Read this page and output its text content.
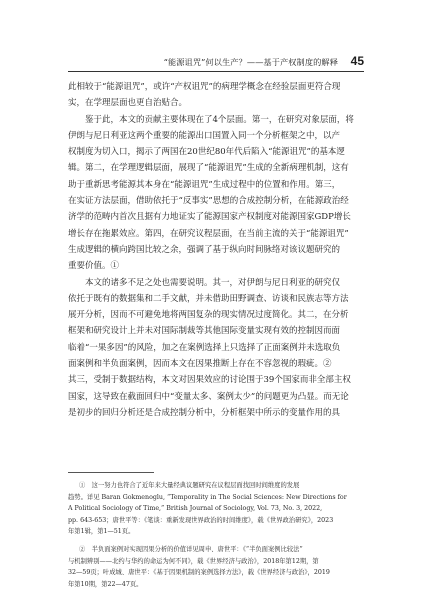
“能源诅咒”何以生产？——基于产权制度的解释 45
此相较于“能源诅咒”，或许“产权诅咒”的病理学概念在经验层面更符合现
实，在学理层面也更自治贴合。
鉴于此，本文的贡献主要体现在了4个层面。第一，在研究对象层面，将
伊朗与尼日利亚这两个重要的能源出口国置入同一个分析框架之中，以产
权制度为切入口，揭示了两国在20世纪80年代后陷入“能源诅咒”的基本逻
辑。第二，在学理逻辑层面，展现了“能源诅咒”生成的全新病理机制，这有
助于重新思考能源其本身在“能源诅咒”生成过程中的位置和作用。第三，
在实证方法层面，借助依托于“反事实”思想的合成控制分析，在能源政治经
济学的范畴内首次且据有力地证实了能源国家产权制度对能源国家GDP增长
增长存在拖累效应。第四，在研究议程层面，在当前主流的关于“能源诅咒”
生成逻辑的横向跨国比较之余，强调了基于纵向时间脉络对该议题研究的
重要价值。①
本文的诸多不足之处也需要说明。其一，对伊朗与尼日利亚的研究仅
依托于既有的数据集和二手文献，并未借助田野调查、访谈和民族志等方法
展开分析，因而不可避免地将两国复杂的现实情况过度简化。其二，在分析
框架和研究设计上并未对国际制裁等其他国际变量实现有效的控制因而面
临着“一果多因”的风险，加之在案例选择上只选择了正面案例并未选取负
面案例和半负面案例，因而本文在因果推断上存在不容忽视的瑕疵。②
其三，受制于数据结构，本文对因果效应的讨论围于39个国家而非全部主权
国家，这导致在截面回归中“变量太多、案例太少”的问题更为凸显。而无论
是初步的回归分析还是合成控制分析中，分析框架中所示的变量作用的具
①　这一努力也符合了近年来大量经典议题研究在议程层面找回时间维度的发展
趋势。详见 Baran Gokmenoglu, “Temporality in The Social Sciences: New Directions for
A Political Sociology of Time,” British Journal of Sociology, Vol. 73, No. 3, 2022,
pp. 643-653；唐世平等：《笔谈：重新发现世界政治的时间维度》，载《世界政治研究》，2023
年第1辑，第1—51页。
②　半负面案例对实现因果分析的价值详见周申、唐世平：《“半负面案例比较法”
与机制辨别——北约与华约的命运为何不同》，载《世界经济与政治》，2018年第12期，第
32—59页；叶成城、唐世平：《基于因果机制的案例选择方法》，载《世界经济与政治》，2019
年第10期，第22—47页。
